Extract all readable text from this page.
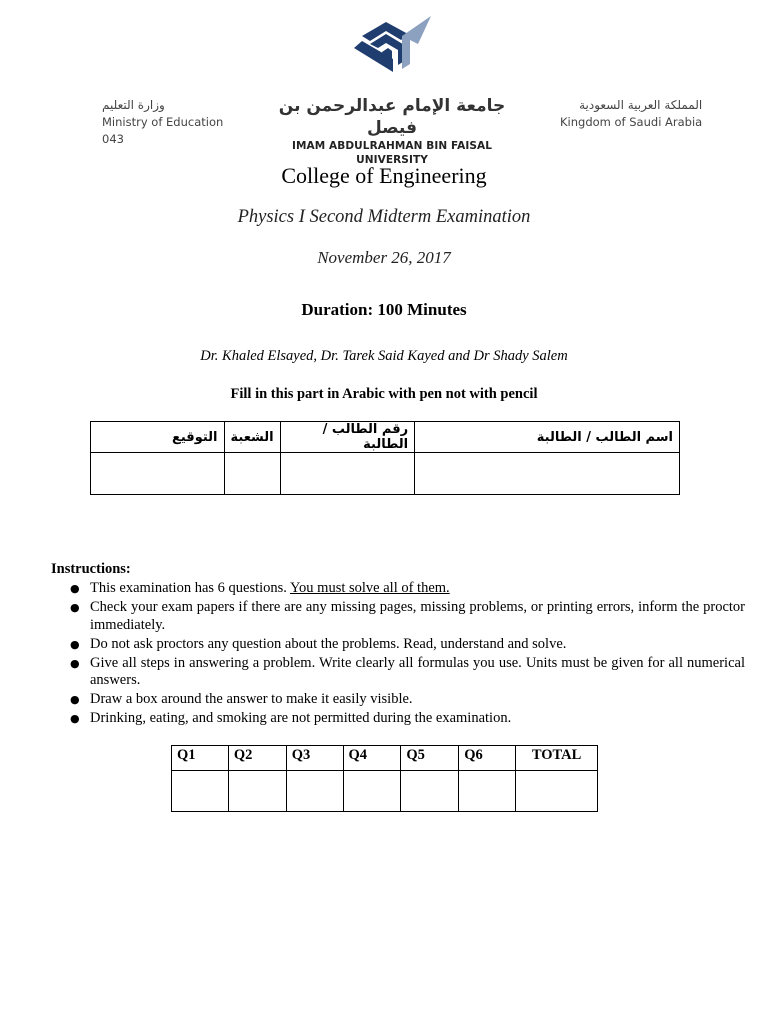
وزارة التعليم
Ministry of Education
043
جامعة الإمام عبدالرحمن بن فيصل
IMAM ABDULRAHMAN BIN FAISAL UNIVERSITY
المملكة العربية السعودية
Kingdom of Saudi Arabia
College of Engineering
Physics I Second Midterm Examination
November 26, 2017
Duration: 100 Minutes
Dr. Khaled Elsayed, Dr. Tarek Said Kayed and Dr Shady Salem
Fill in this part in Arabic with pen not with pencil
التوقيع	الشعبة	رقم الطالب / الطالبة	اسم الطالب / الطالبة

Instructions:
● This examination has 6 questions. You must solve all of them.
● Check your exam papers if there are any missing pages, missing problems, or printing errors, inform the proctor immediately.
● Do not ask proctors any question about the problems. Read, understand and solve.
● Give all steps in answering a problem. Write clearly all formulas you use. Units must be given for all numerical answers.
● Draw a box around the answer to make it easily visible.
● Drinking, eating, and smoking are not permitted during the examination.
Q1	Q2	Q3	Q4	Q5	Q6	TOTAL
